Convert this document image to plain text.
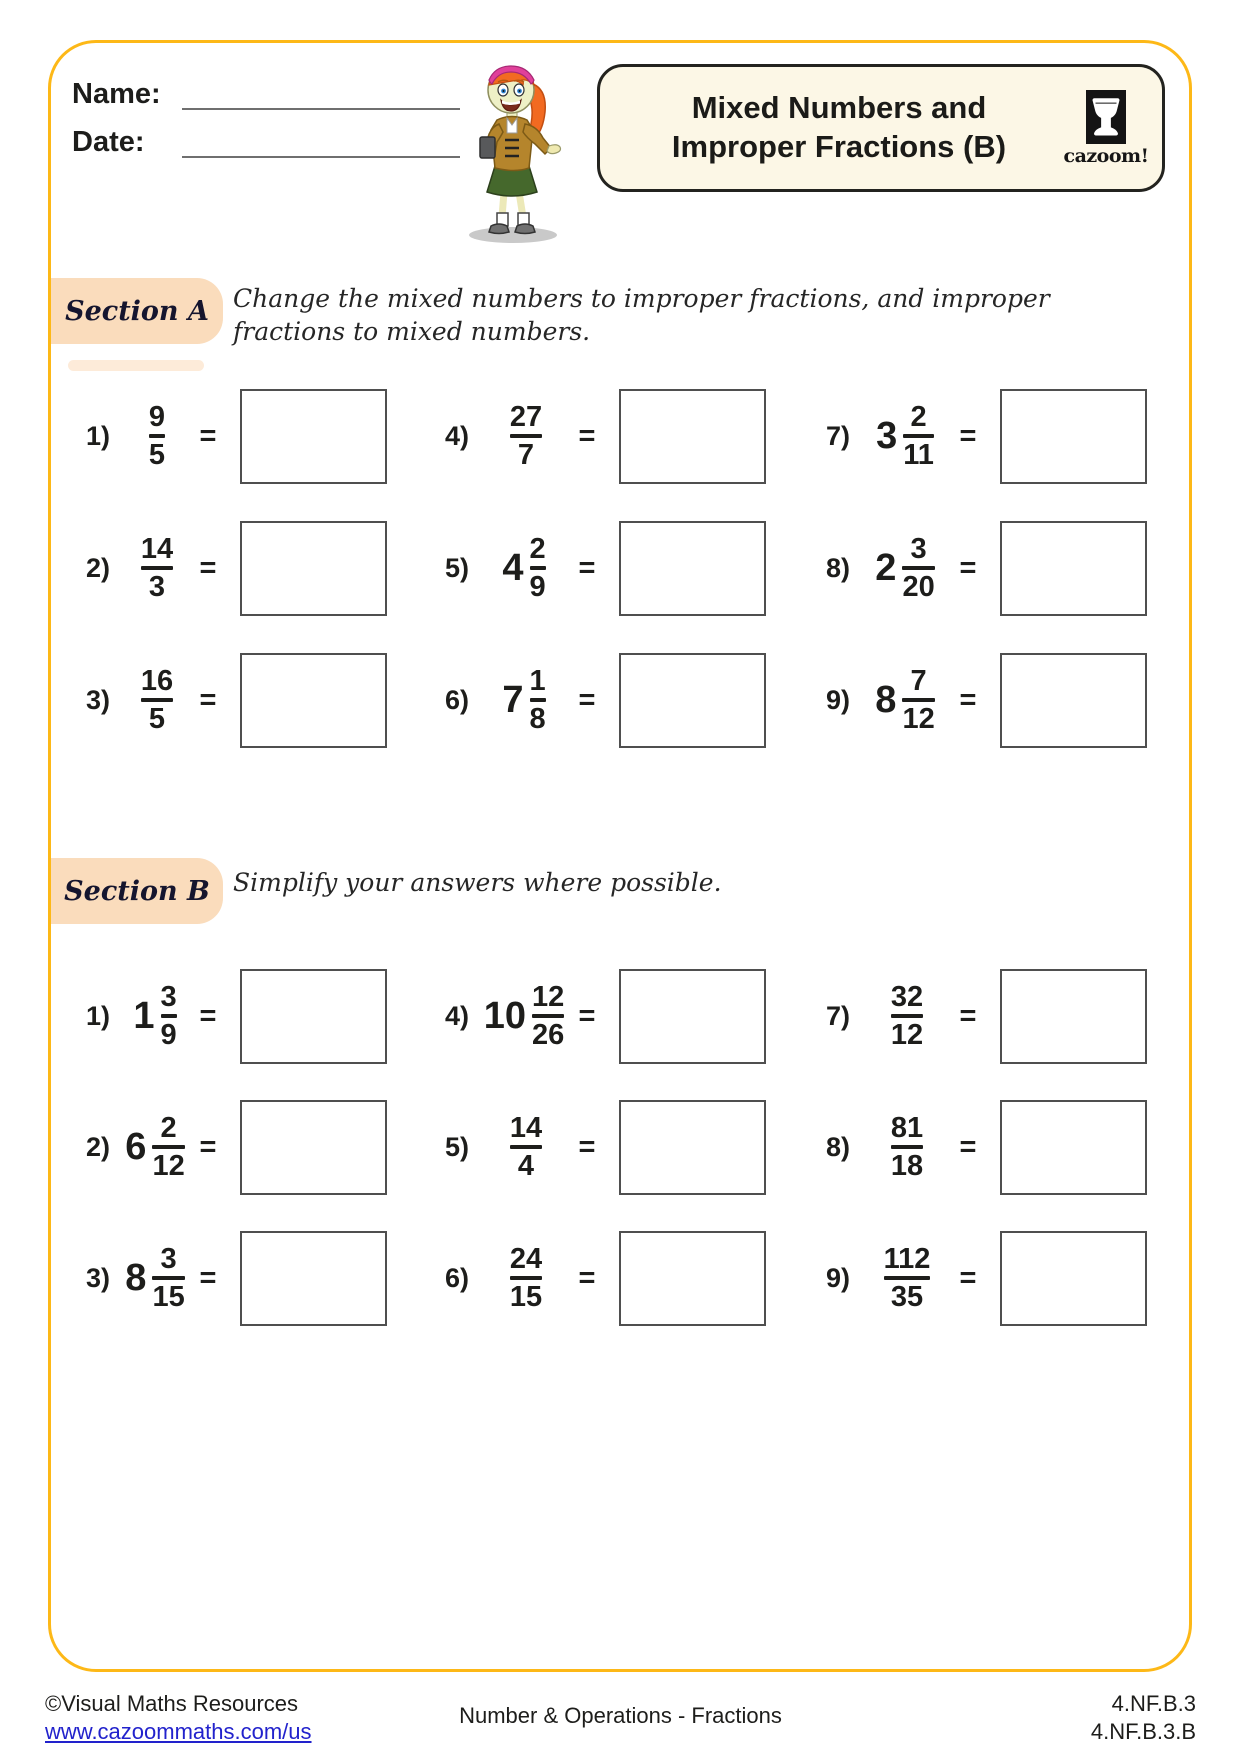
Name:
Date:
Mixed Numbers and
Improper Fractions (B)	cazoom!
Section A Change the mixed numbers to improper fractions, and improper
fractions to mixed numbers.
1)	$\frac{9}{5}$	=	4)	$\frac{27}{7}$	=	7) $3 \frac{2}{11}$ =
$2) \frac{14}{3}$ =	5) $4 \frac{2}{9}$ =	8) $2 \frac{3}{20}$ =
$3) \frac{16}{5}$ =	6) $7 \frac{1}{8}$ =	9) $8 \frac{7}{12}$ =
Section B Simplify your answers where possible.
1) $1 \frac{3}{9}$ =	4) $10 \frac{12}{26}$ =	7)	$\frac{32}{12}$	=
2) $6 \frac{2}{12}$ =	5)	$\frac{14}{4}$	=	8)	$\frac{81}{18}$	=
3) $8 \frac{3}{15}$ =	6)	$\frac{24}{15}$	=	9)	$\frac{112}{35}$ =
©Visual Maths Resources
www.cazoommaths.com/us
Number & Operations - Fractions	4.NF.B.3
4.NF.B.3.B
